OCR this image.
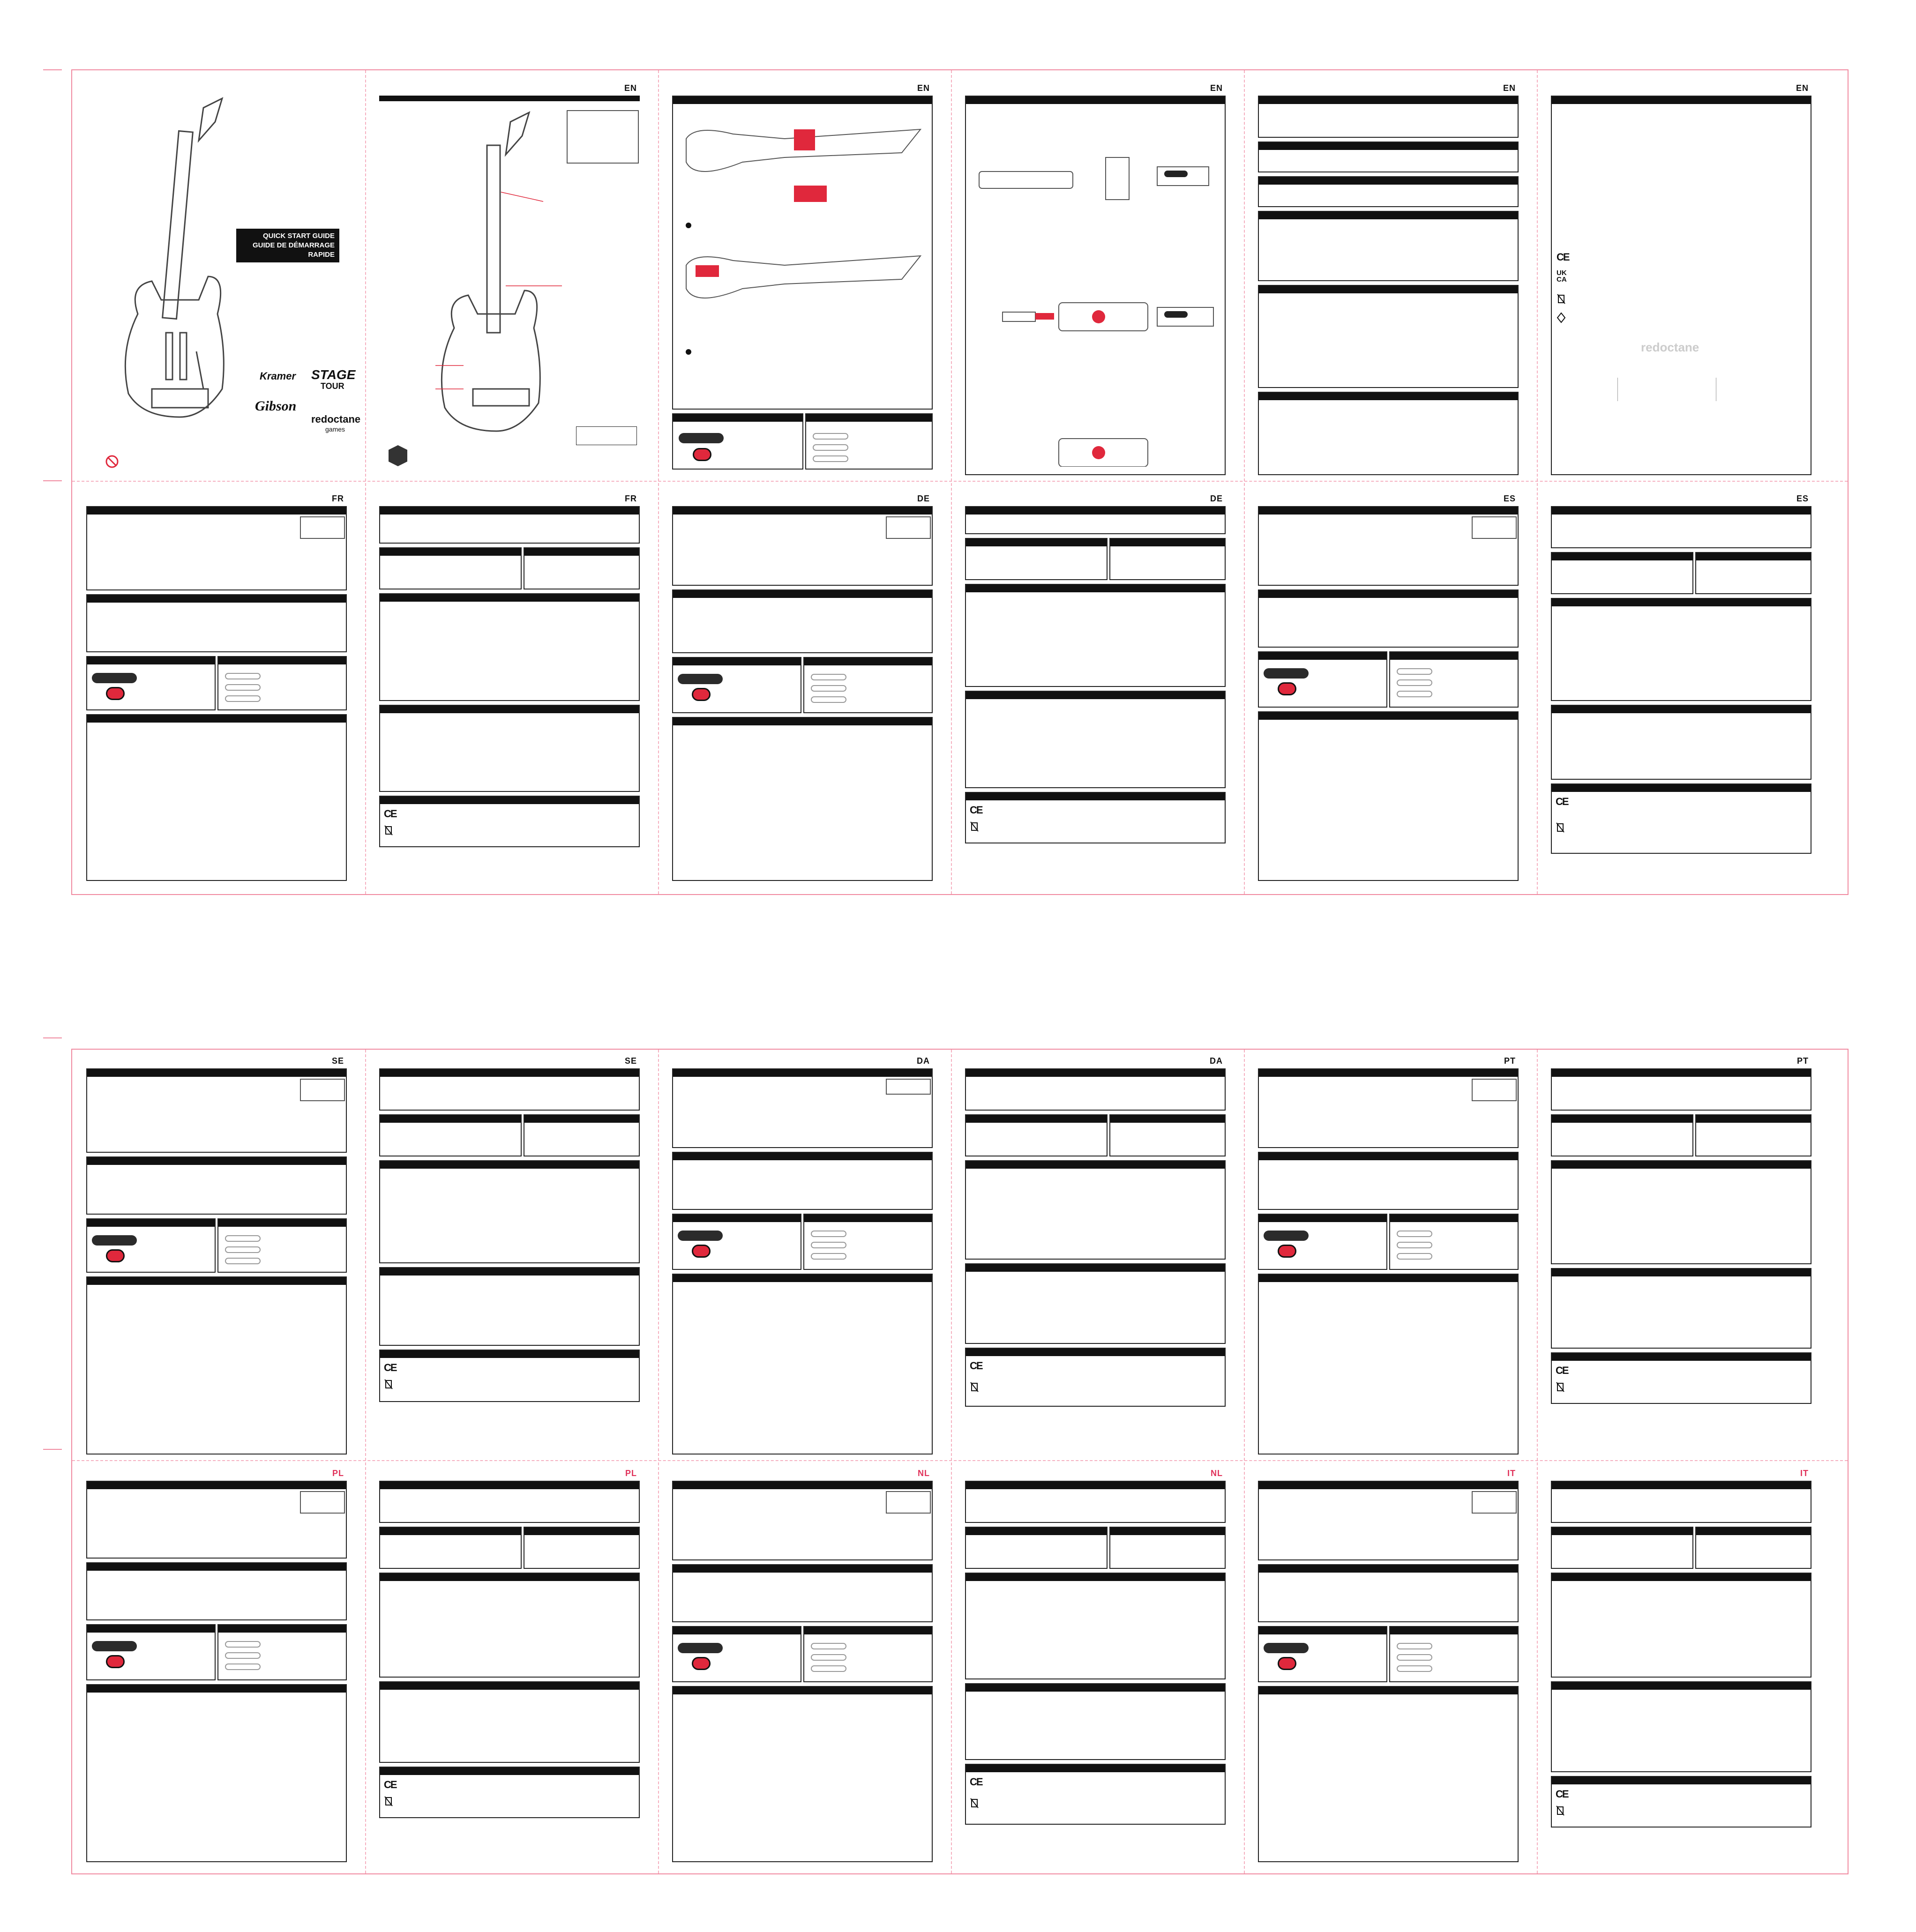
QUICK START GUIDE
GUIDE DE DÉMARRAGE RAPIDE
Kramer
Gibson
STAGE
TOUR
redoctane
games
EN	EN	EN	EN	EN
CE
UK
CA
redoctane
FR	FR
CE
DE	DE
CE
ES	ES
CE
SE	SE
CE
DA	DA
CE
PT	PT
CE
PL	PL
CE
NL	NL
CE
IT	IT
CE
